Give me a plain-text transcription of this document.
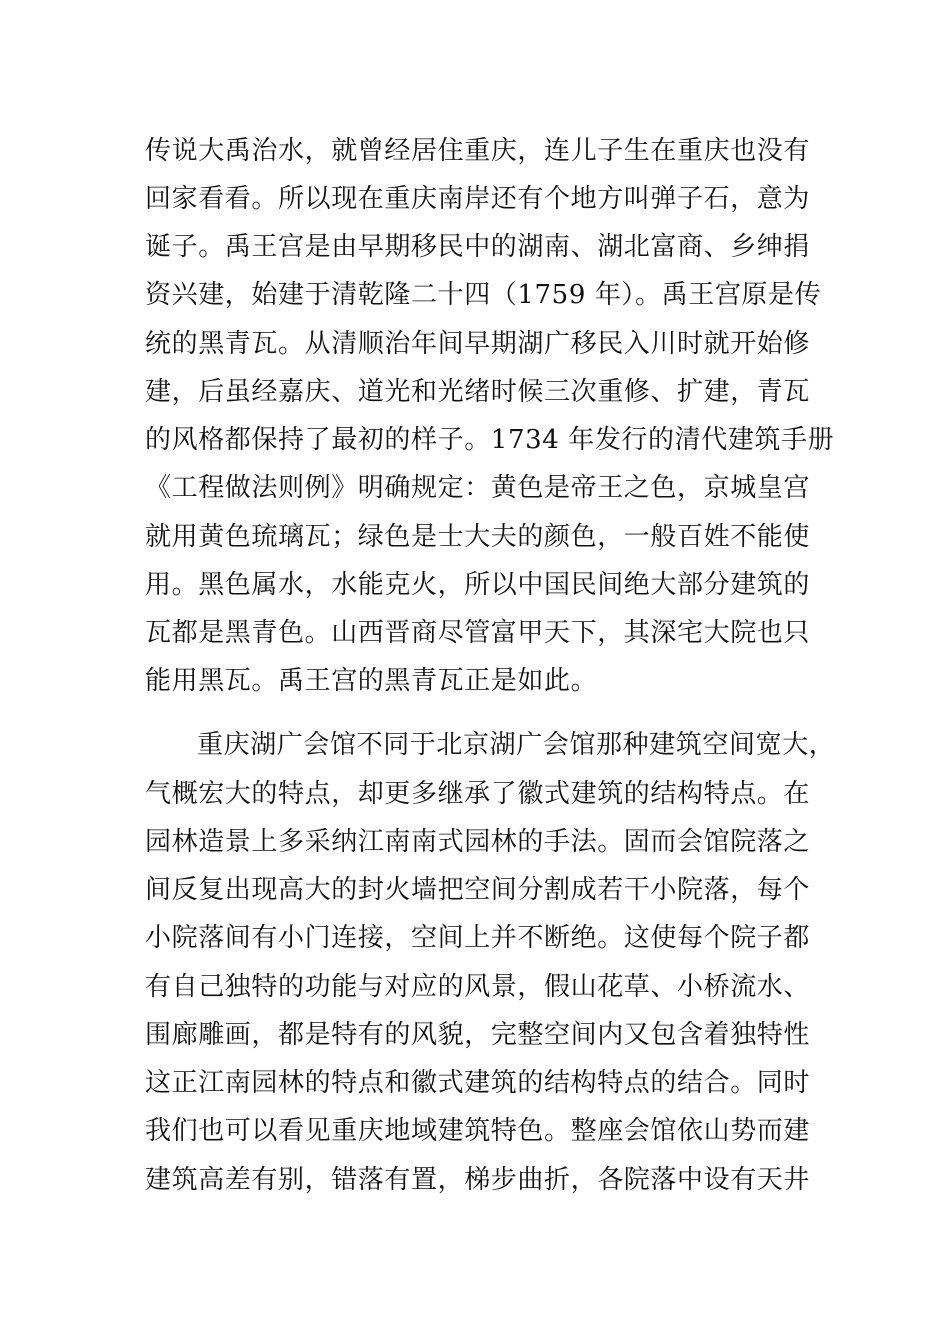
传说大禹治水，就曾经居住重庆，连儿子生在重庆也没有
回家看看。所以现在重庆南岸还有个地方叫弹子石，意为
诞子。禹王宫是由早期移民中的湖南、湖北富商、乡绅捐
资兴建，始建于清乾隆二十四（1759 年）。禹王宫原是传
统的黑青瓦。从清顺治年间早期湖广移民入川时就开始修
建，后虽经嘉庆、道光和光绪时候三次重修、扩建，青瓦
的风格都保持了最初的样子。1734 年发行的清代建筑手册
《工程做法则例》明确规定：黄色是帝王之色，京城皇宫
就用黄色琉璃瓦；绿色是士大夫的颜色，一般百姓不能使
用。黑色属水，水能克火，所以中国民间绝大部分建筑的
瓦都是黑青色。山西晋商尽管富甲天下，其深宅大院也只
能用黑瓦。禹王宫的黑青瓦正是如此。
重庆湖广会馆不同于北京湖广会馆那种建筑空间宽大，
气概宏大的特点，却更多继承了徽式建筑的结构特点。在
园林造景上多采纳江南南式园林的手法。固而会馆院落之
间反复出现高大的封火墙把空间分割成若干小院落，每个
小院落间有小门连接，空间上并不断绝。这使每个院子都
有自己独特的功能与对应的风景，假山花草、小桥流水、
围廊雕画，都是特有的风貌，完整空间内又包含着独特性
这正江南园林的特点和徽式建筑的结构特点的结合。同时
我们也可以看见重庆地域建筑特色。整座会馆依山势而建
建筑高差有别，错落有置，梯步曲折，各院落中设有天井
